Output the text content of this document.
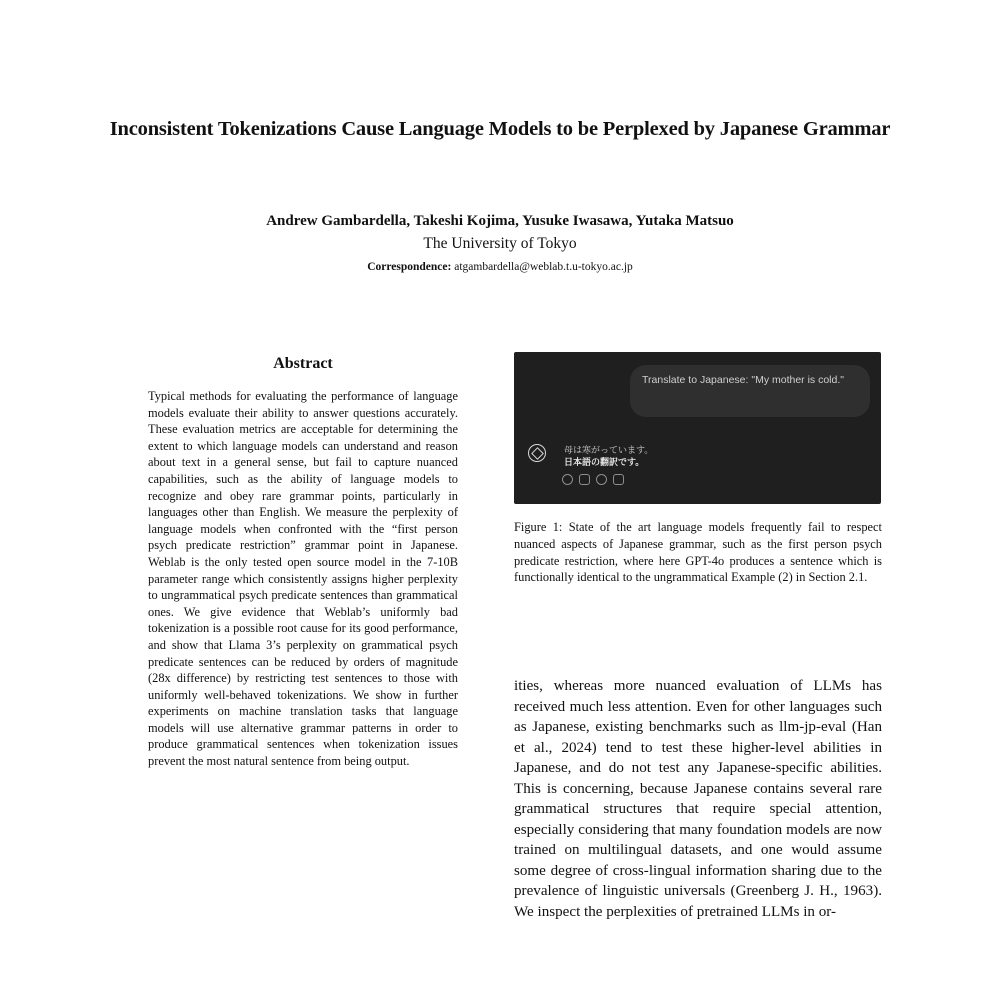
Inconsistent Tokenizations Cause Language Models to be Perplexed by Japanese Grammar
Andrew Gambardella, Takeshi Kojima, Yusuke Iwasawa, Yutaka Matsuo
The University of Tokyo
Correspondence: atgambardella@weblab.t.u-tokyo.ac.jp
Abstract

Typical methods for evaluating the performance of language models evaluate their ability to answer questions accurately. These evaluation metrics are acceptable for determining the extent to which language models can understand and reason about text in a general sense, but fail to capture nuanced capabilities, such as the ability of language models to recognize and obey rare grammar points, particularly in languages other than English. We measure the perplexity of language models when confronted with the “first person psych predicate restriction” grammar point in Japanese. Weblab is the only tested open source model in the 7-10B parameter range which consistently assigns higher perplexity to ungrammatical psych predicate sentences than grammatical ones. We give evidence that Weblab’s uniformly bad tokenization is a possible root cause for its good performance, and show that Llama 3’s perplexity on grammatical psych predicate sentences can be reduced by orders of magnitude (28x difference) by restricting test sentences to those with uniformly well-behaved tokenizations. We show in further experiments on machine translation tasks that language models will use alternative grammar patterns in order to produce grammatical sentences when tokenization issues prevent the most natural sentence from being output.

Translate to Japanese: "My mother is cold."
母は寒がっています。
日本語の翻訳です。

Figure 1: State of the art language models frequently fail to respect nuanced aspects of Japanese grammar, such as the first person psych predicate restriction, where here GPT-4o produces a sentence which is functionally identical to the ungrammatical Example (2) in Section 2.1.

ities, whereas more nuanced evaluation of LLMs has received much less attention. Even for other languages such as Japanese, existing benchmarks such as llm-jp-eval (Han et al., 2024) tend to test these higher-level abilities in Japanese, and do not test any Japanese-specific abilities. This is concerning, because Japanese contains several rare grammatical structures that require special attention, especially considering that many foundation models are now trained on multilingual datasets, and one would assume some degree of cross-lingual information sharing due to the prevalence of linguistic universals (Greenberg J. H., 1963). We inspect the perplexities of pretrained LLMs in or-
